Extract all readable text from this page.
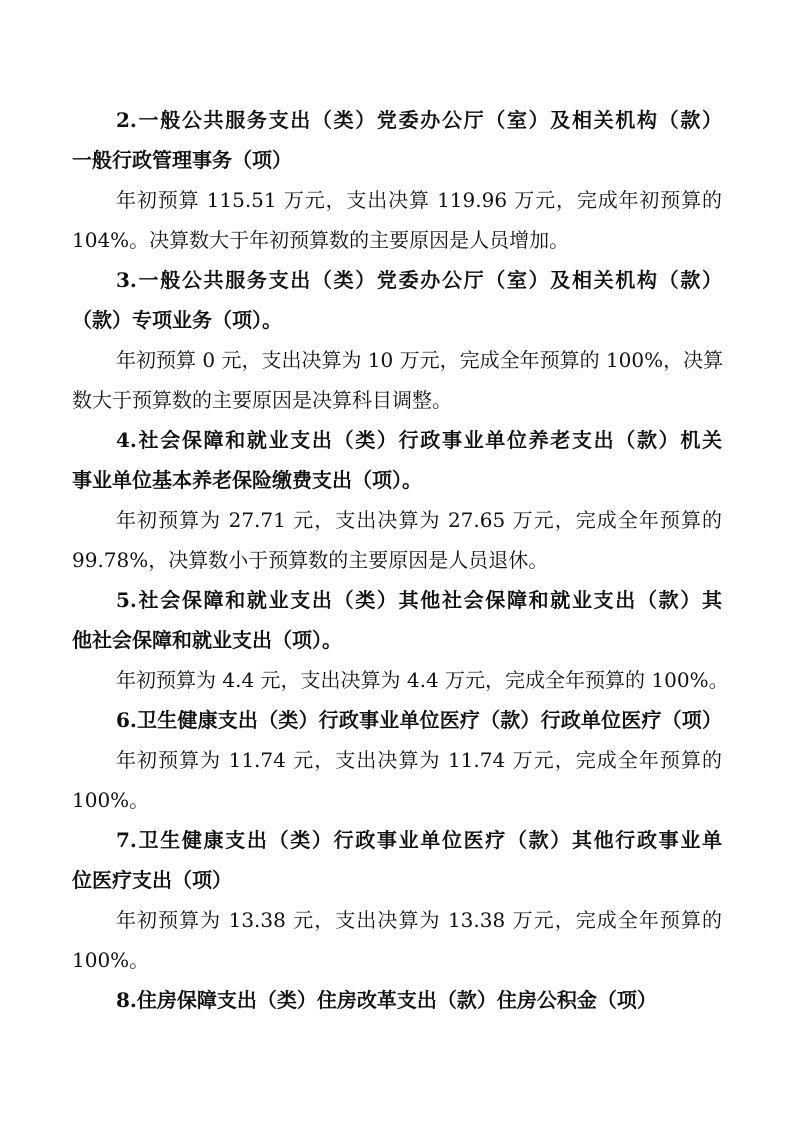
2.一般公共服务支出（类）党委办公厅（室）及相关机构（款）
一般行政管理事务（项）
年初预算 115.51 万元，支出决算 119.96 万元，完成年初预算的
104%。决算数大于年初预算数的主要原因是人员增加。
3.一般公共服务支出（类）党委办公厅（室）及相关机构（款）
（款）专项业务（项）。
年初预算 0 元，支出决算为 10 万元，完成全年预算的 100%，决算
数大于预算数的主要原因是决算科目调整。
4.社会保障和就业支出（类）行政事业单位养老支出（款）机关
事业单位基本养老保险缴费支出（项）。
年初预算为 27.71 元，支出决算为 27.65 万元，完成全年预算的
99.78%，决算数小于预算数的主要原因是人员退休。
5.社会保障和就业支出（类）其他社会保障和就业支出（款）其
他社会保障和就业支出（项）。
年初预算为 4.4 元，支出决算为 4.4 万元，完成全年预算的 100%。
6.卫生健康支出（类）行政事业单位医疗（款）行政单位医疗（项）
年初预算为 11.74 元，支出决算为 11.74 万元，完成全年预算的
100%。
7.卫生健康支出（类）行政事业单位医疗（款）其他行政事业单
位医疗支出（项）
年初预算为 13.38 元，支出决算为 13.38 万元，完成全年预算的
100%。
8.住房保障支出（类）住房改革支出（款）住房公积金（项）
